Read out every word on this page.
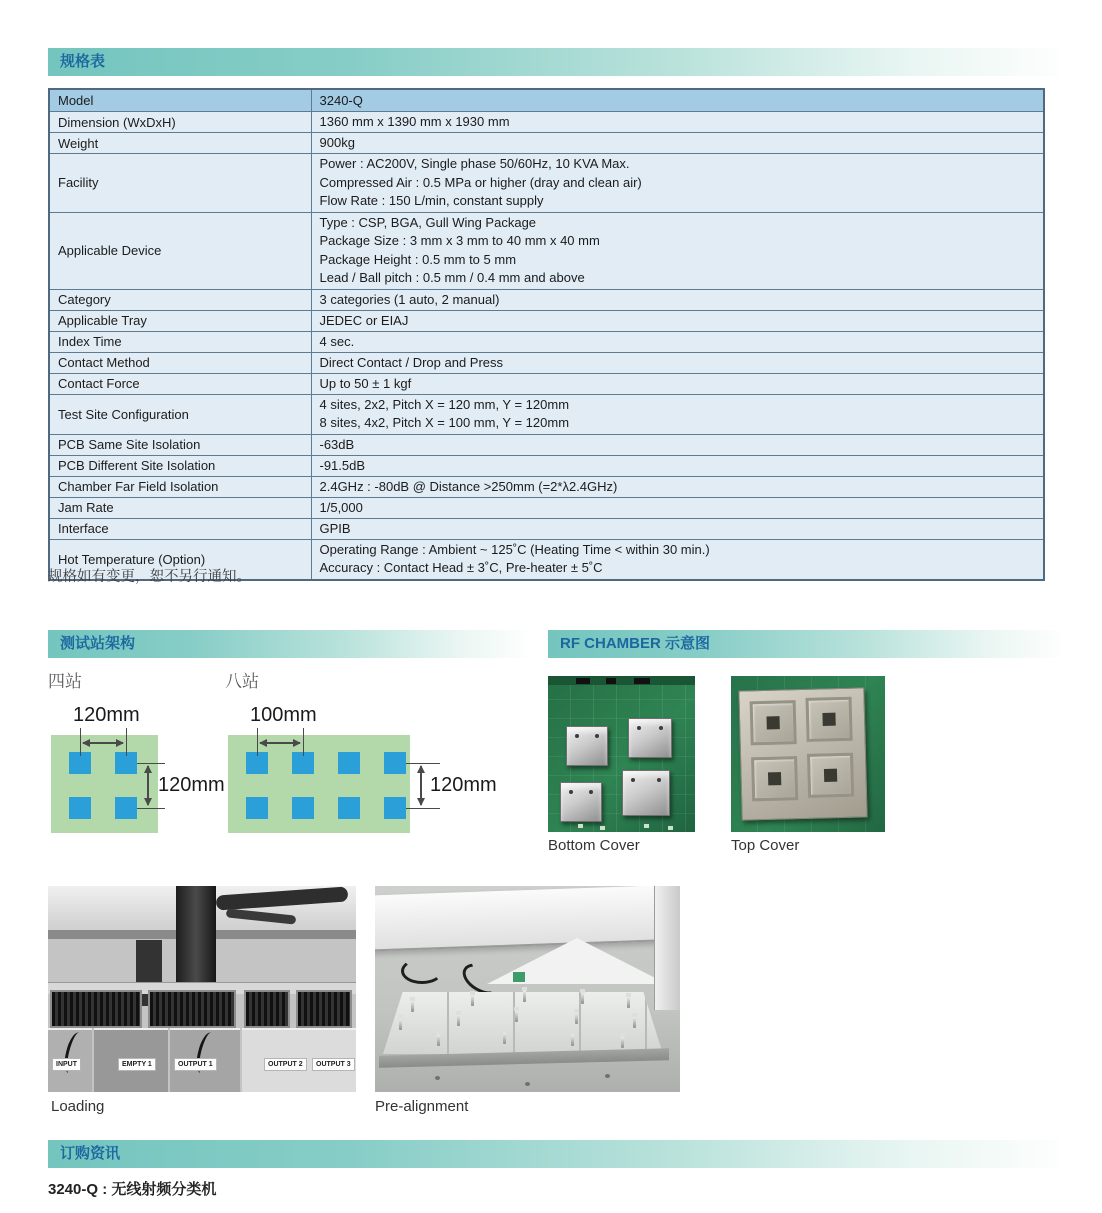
规格表
Model	3240-Q

Dimension (WxDxH)	1360 mm x 1390 mm x 1930 mm

Weight	900kg

Facility	Power : AC200V, Single phase 50/60Hz, 10 KVA Max.
Compressed Air : 0.5 MPa or higher (dray and clean air)
Flow Rate : 150 L/min, constant supply

Applicable Device	Type : CSP, BGA, Gull Wing Package
Package Size : 3 mm x 3 mm to 40 mm x 40 mm
Package Height : 0.5 mm to 5 mm
Lead / Ball pitch : 0.5 mm / 0.4 mm and above

Category	3 categories (1 auto, 2 manual)

Applicable Tray	JEDEC or EIAJ

Index Time	4 sec.

Contact Method	Direct Contact / Drop and Press

Contact Force	Up to 50 ± 1 kgf

Test Site Configuration	4 sites, 2x2, Pitch X = 120 mm, Y = 120mm
8 sites, 4x2, Pitch X = 100 mm, Y = 120mm

PCB Same Site Isolation	-63dB

PCB Different Site Isolation	-91.5dB

Chamber Far Field Isolation	2.4GHz : -80dB @ Distance >250mm (=2*λ2.4GHz)

Jam Rate	1/5,000

Interface	GPIB

Hot Temperature (Option)	Operating Range : Ambient ~ 125˚C (Heating Time < within 30 min.)
Accuracy : Contact Head ± 3˚C, Pre-heater ± 5˚C
规格如有变更，恕不另行通知。
测试站架构	RF CHAMBER 示意图
四站
120mm
120mm
八站
100mm
120mm
Bottom Cover	Top Cover
INPUT	EMPTY 1	OUTPUT 1	OUTPUT 2	OUTPUT 3
Loading	Pre-alignment
订购资讯
3240-Q : 无线射频分类机
